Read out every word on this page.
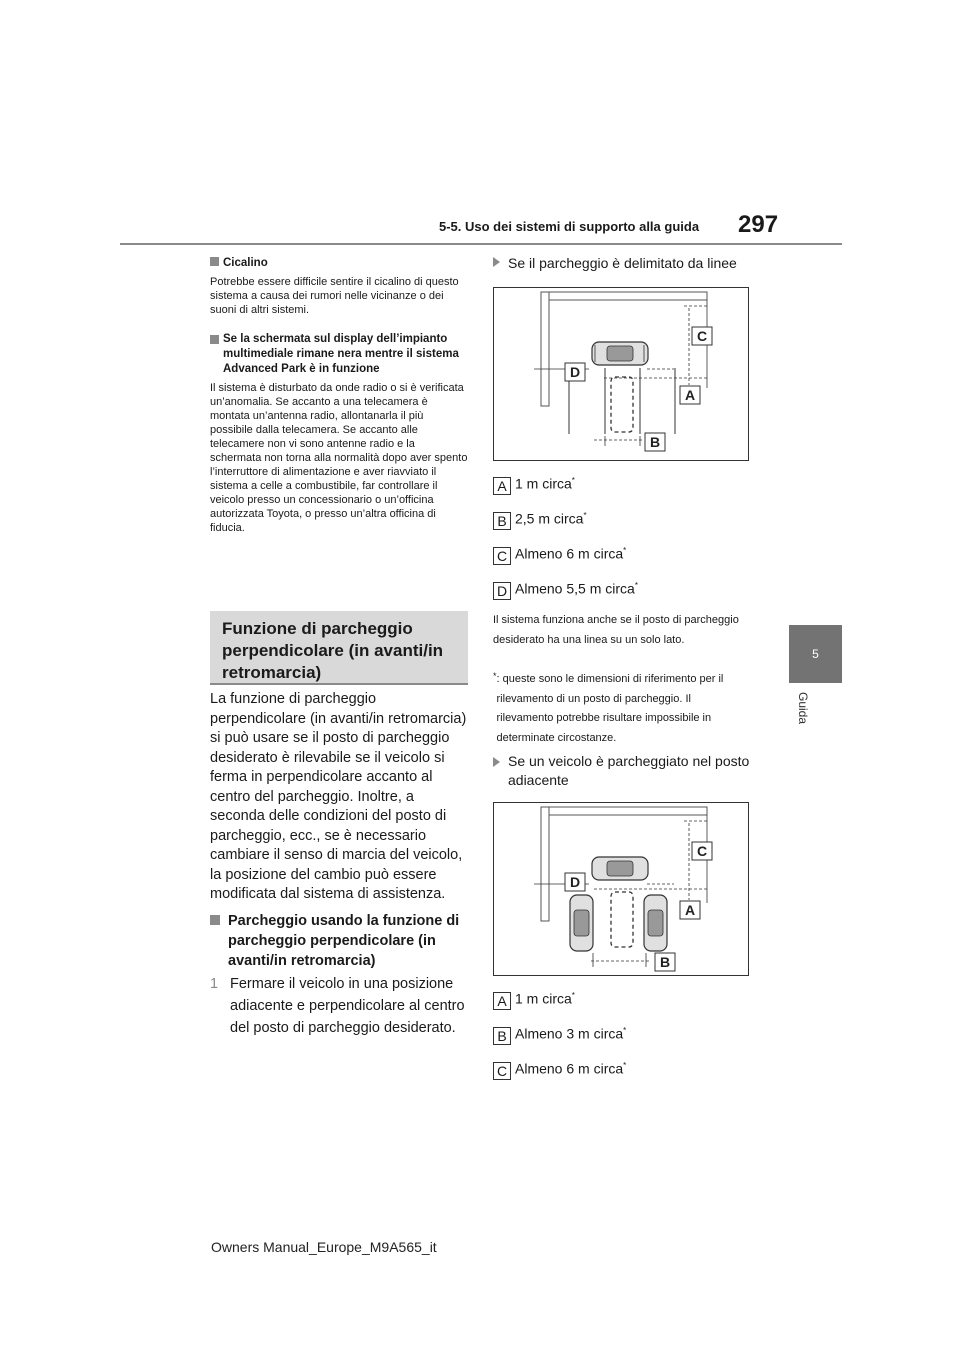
5-5. Uso dei sistemi di supporto alla guida 297
5
Guida
Cicalino
Potrebbe essere difficile sentire il cicalino di questo sistema a causa dei rumori nelle vicinanze o dei suoni di altri sistemi.
Se la schermata sul display dell’impianto multimediale rimane nera mentre il sistema Advanced Park è in funzione
Il sistema è disturbato da onde radio o si è verificata un’anomalia. Se accanto a una telecamera è montata un’antenna radio, allontanarla il più possibile dalla telecamera. Se accanto alle telecamere non vi sono antenne radio e la schermata non torna alla normalità dopo aver spento l’interruttore di alimentazione e aver riavviato il sistema a celle a combustibile, far controllare il veicolo presso un concessionario o un’officina autorizzata Toyota, o presso un’altra officina di fiducia.
Funzione di parcheggio perpendicolare (in avanti/in retromarcia)
La funzione di parcheggio perpendicolare (in avanti/in retromarcia) si può usare se il posto di parcheggio desiderato è rilevabile se il veicolo si ferma in perpendicolare accanto al centro del parcheggio. Inoltre, a seconda delle condizioni del posto di parcheggio, ecc., se è necessario cambiare il senso di marcia del veicolo, la posizione del cambio può essere modificata dal sistema di assistenza.
Parcheggio usando la funzione di parcheggio perpendicolare (in avanti/in retromarcia)
1 Fermare il veicolo in una posizione adiacente e perpendicolare al centro del posto di parcheggio desiderato.
Se il parcheggio è delimitato da linee
D
C
A
B
A 1 m circa*
B 2,5 m circa*
C Almeno 6 m circa*
D Almeno 5,5 m circa*
Il sistema funziona anche se il posto di parcheggio desiderato ha una linea su un solo lato.
* : queste sono le dimensioni di riferimento per il rilevamento di un posto di parcheggio. Il rilevamento potrebbe risultare impossibile in determinate circostanze.
Se un veicolo è parcheggiato nel posto adiacente
D
C
A
B
A 1 m circa*
B Almeno 3 m circa*
C Almeno 6 m circa*
Owners Manual_Europe_M9A565_it
